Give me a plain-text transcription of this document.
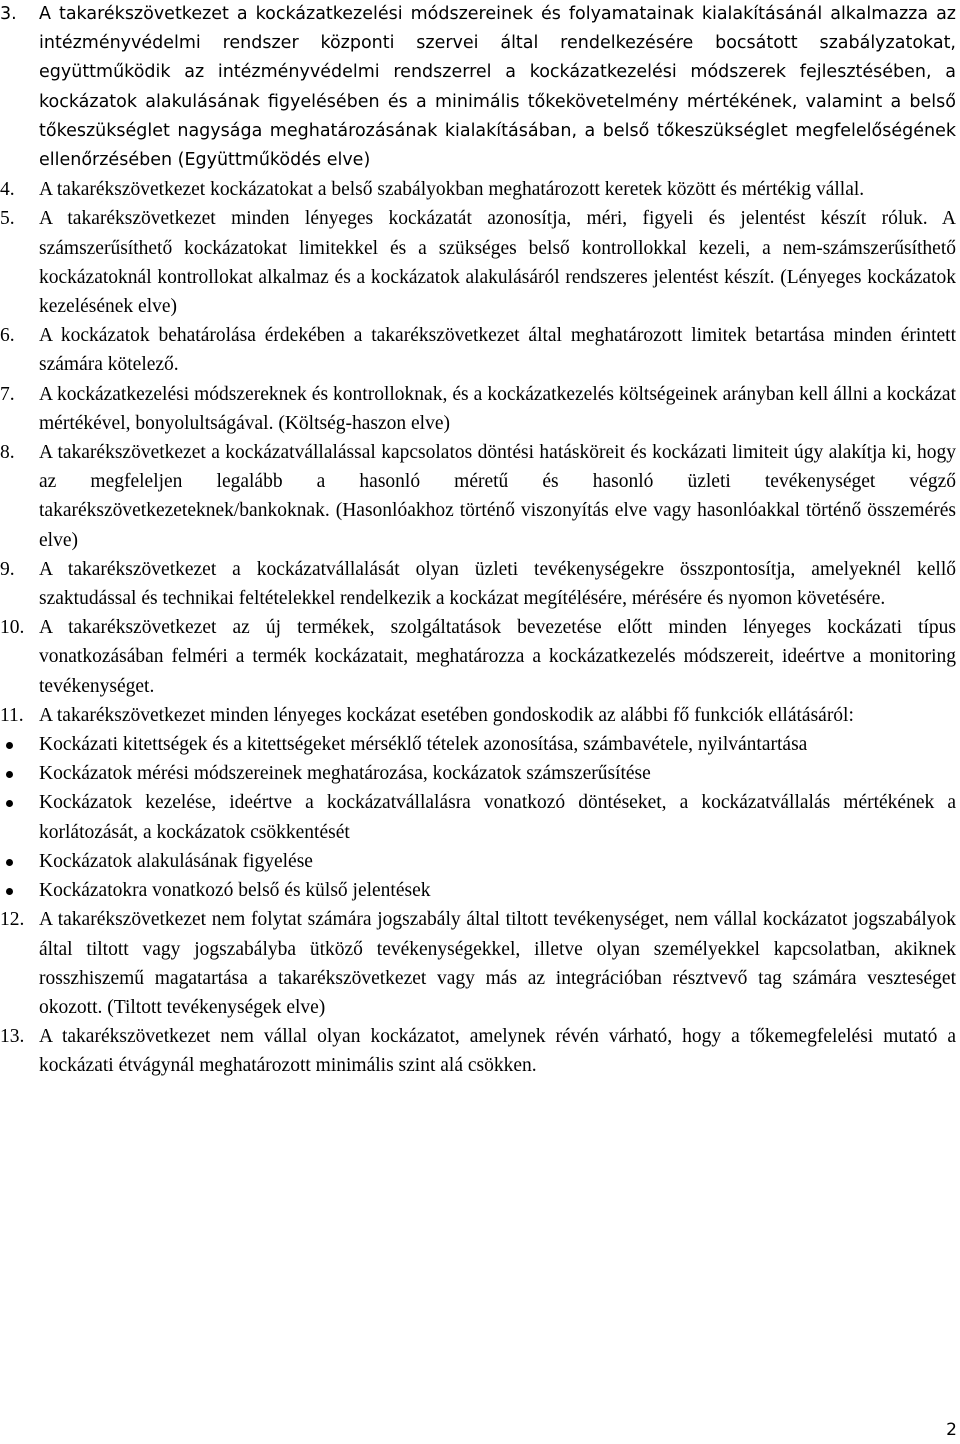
3. A takarékszövetkezet a kockázatkezelési módszereinek és folyamatainak kialakításánál alkalmazza az intézményvédelmi rendszer központi szervei által rendelkezésére bocsátott szabályzatokat, együttműködik az intézményvédelmi rendszerrel a kockázatkezelési módszerek fejlesztésében, a kockázatok alakulásának figyelésében és a minimális tőkekövetelmény mértékének, valamint a belső tőkeszükséglet nagysága meghatározásának kialakításában, a belső tőkeszükséglet megfelelőségének ellenőrzésében (Együttműködés elve)
4. A takarékszövetkezet kockázatokat a belső szabályokban meghatározott keretek között és mértékig vállal.
5. A takarékszövetkezet minden lényeges kockázatát azonosítja, méri, figyeli és jelentést készít róluk. A számszerűsíthető kockázatokat limitekkel és a szükséges belső kontrollokkal kezeli, a nem-számszerűsíthető kockázatoknál kontrollokat alkalmaz és a kockázatok alakulásáról rendszeres jelentést készít. (Lényeges kockázatok kezelésének elve)
6. A kockázatok behatárolása érdekében a takarékszövetkezet által meghatározott limitek betartása minden érintett számára kötelező.
7. A kockázatkezelési módszereknek és kontrolloknak, és a kockázatkezelés költségeinek arányban kell állni a kockázat mértékével, bonyolultságával. (Költség-haszon elve)
8. A takarékszövetkezet a kockázatvállalással kapcsolatos döntési hatásköreit és kockázati limiteit úgy alakítja ki, hogy az megfeleljen legalább a hasonló méretű és hasonló üzleti tevékenységet végző takarékszövetkezeteknek/bankoknak. (Hasonlóakhoz történő viszonyítás elve vagy hasonlóakkal történő összemérés elve)
9. A takarékszövetkezet a kockázatvállalását olyan üzleti tevékenységekre összpontosítja, amelyeknél kellő szaktudással és technikai feltételekkel rendelkezik a kockázat megítélésére, mérésére és nyomon követésére.
10. A takarékszövetkezet az új termékek, szolgáltatások bevezetése előtt minden lényeges kockázati típus vonatkozásában felméri a termék kockázatait, meghatározza a kockázatkezelés módszereit, ideértve a monitoring tevékenységet.
11. A takarékszövetkezet minden lényeges kockázat esetében gondoskodik az alábbi fő funkciók ellátásáról:
Kockázati kitettségek és a kitettségeket mérséklő tételek azonosítása, számbavétele, nyilvántartása
Kockázatok mérési módszereinek meghatározása, kockázatok számszerűsítése
Kockázatok kezelése, ideértve a kockázatvállalásra vonatkozó döntéseket, a kockázatvállalás mértékének a korlátozását, a kockázatok csökkentését
Kockázatok alakulásának figyelése
Kockázatokra vonatkozó belső és külső jelentések
12. A takarékszövetkezet nem folytat számára jogszabály által tiltott tevékenységet, nem vállal kockázatot jogszabályok által tiltott vagy jogszabályba ütköző tevékenységekkel, illetve olyan személyekkel kapcsolatban, akiknek rosszhiszemű magatartása a takarékszövetkezet vagy más az integrációban résztvevő tag számára veszteséget okozott. (Tiltott tevékenységek elve)
13. A takarékszövetkezet nem vállal olyan kockázatot, amelynek révén várható, hogy a tőkemegfelelési mutató a kockázati étvágynál meghatározott minimális szint alá csökken.
2
